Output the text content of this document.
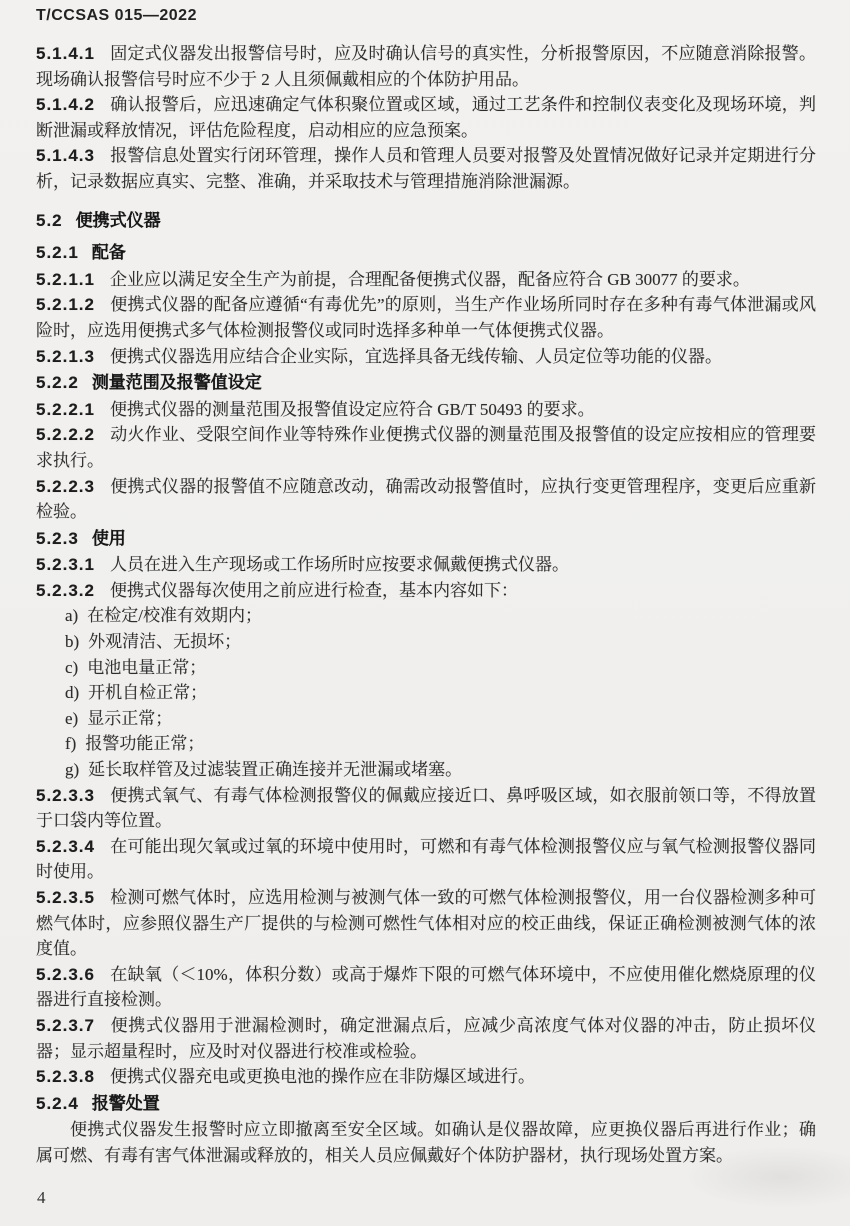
T/CCSAS 015—2022

5.1.4.1 固定式仪器发出报警信号时，应及时确认信号的真实性，分析报警原因，不应随意消除报警。现场确认报警信号时应不少于 2 人且须佩戴相应的个体防护用品。

5.1.4.2 确认报警后，应迅速确定气体积聚位置或区域，通过工艺条件和控制仪表变化及现场环境，判断泄漏或释放情况，评估危险程度，启动相应的应急预案。

5.1.4.3 报警信息处置实行闭环管理，操作人员和管理人员要对报警及处置情况做好记录并定期进行分析，记录数据应真实、完整、准确，并采取技术与管理措施消除泄漏源。

5.2 便携式仪器

5.2.1 配备

5.2.1.1 企业应以满足安全生产为前提，合理配备便携式仪器，配备应符合 GB 30077 的要求。

5.2.1.2 便携式仪器的配备应遵循“有毒优先”的原则，当生产作业场所同时存在多种有毒气体泄漏或风险时，应选用便携式多气体检测报警仪或同时选择多种单一气体便携式仪器。

5.2.1.3 便携式仪器选用应结合企业实际，宜选择具备无线传输、人员定位等功能的仪器。

5.2.2 测量范围及报警值设定

5.2.2.1 便携式仪器的测量范围及报警值设定应符合 GB/T 50493 的要求。

5.2.2.2 动火作业、受限空间作业等特殊作业便携式仪器的测量范围及报警值的设定应按相应的管理要求执行。

5.2.2.3 便携式仪器的报警值不应随意改动，确需改动报警值时，应执行变更管理程序，变更后应重新检验。

5.2.3 使用

5.2.3.1 人员在进入生产现场或工作场所时应按要求佩戴便携式仪器。

5.2.3.2 便携式仪器每次使用之前应进行检查，基本内容如下：

a) 在检定/校准有效期内；

b) 外观清洁、无损坏；

c) 电池电量正常；

d) 开机自检正常；

e) 显示正常；

f) 报警功能正常；

g) 延长取样管及过滤装置正确连接并无泄漏或堵塞。

5.2.3.3 便携式氧气、有毒气体检测报警仪的佩戴应接近口、鼻呼吸区域，如衣服前领口等，不得放置于口袋内等位置。

5.2.3.4 在可能出现欠氧或过氧的环境中使用时，可燃和有毒气体检测报警仪应与氧气检测报警仪器同时使用。

5.2.3.5 检测可燃气体时，应选用检测与被测气体一致的可燃气体检测报警仪，用一台仪器检测多种可燃气体时，应参照仪器生产厂提供的与检测可燃性气体相对应的校正曲线，保证正确检测被测气体的浓度值。

5.2.3.6 在缺氧（＜10%，体积分数）或高于爆炸下限的可燃气体环境中，不应使用催化燃烧原理的仪器进行直接检测。

5.2.3.7 便携式仪器用于泄漏检测时，确定泄漏点后，应减少高浓度气体对仪器的冲击，防止损坏仪器；显示超量程时，应及时对仪器进行校准或检验。

5.2.3.8 便携式仪器充电或更换电池的操作应在非防爆区域进行。

5.2.4 报警处置

便携式仪器发生报警时应立即撤离至安全区域。如确认是仪器故障，应更换仪器后再进行作业；确属可燃、有毒有害气体泄漏或释放的，相关人员应佩戴好个体防护器材，执行现场处置方案。

4
